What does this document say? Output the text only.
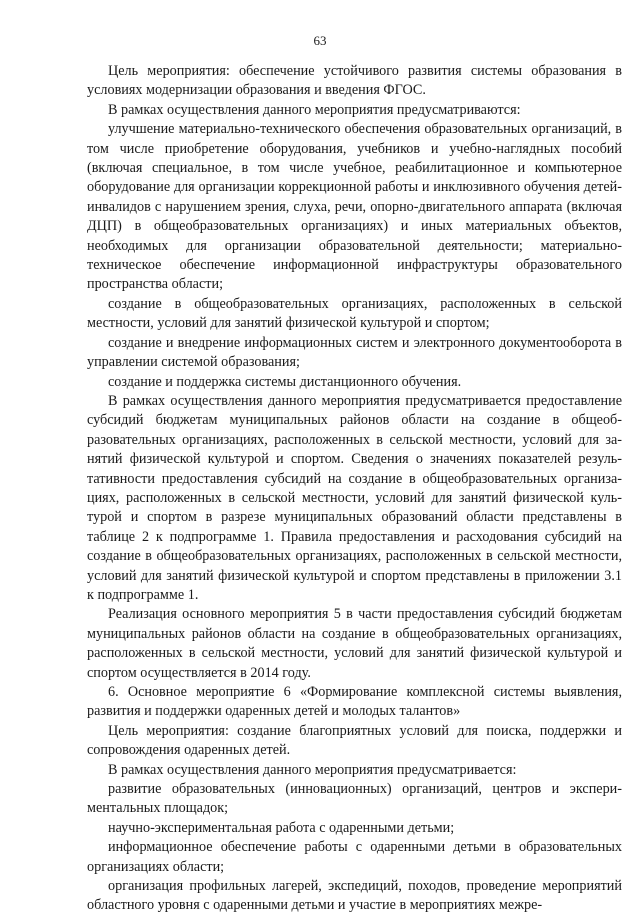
63

Цель мероприятия: обеспечение устойчивого развития системы образования в условиях модернизации образования и введения ФГОС.

В рамках осуществления данного мероприятия предусматриваются:

улучшение материально-технического обеспечения образовательных организаций, в том числе приобретение оборудования, учебников и учебно-наглядных пособий (включая специальное, в том числе учебное, реабилитационное и компьютерное оборудование для организации коррекционной работы и инклюзивного обучения детей-инвалидов с нарушением зрения, слуха, речи, опорно-двигательного аппарата (включая ДЦП) в общеобразовательных организациях) и иных материальных объектов, необходимых для организации образовательной деятельности; материально-техническое обеспечение информационной инфраструктуры образовательного пространства области;

создание в общеобразовательных организациях, расположенных в сельской местности, условий для занятий физической культурой и спортом;

создание и внедрение информационных систем и электронного документооборота в управлении системой образования;

создание и поддержка системы дистанционного обучения.

В рамках осуществления данного мероприятия предусматривается предоставление субсидий бюджетам муниципальных районов области на создание в общеобразовательных организациях, расположенных в сельской местности, условий для занятий физической культурой и спортом. Сведения о значениях показателей результативности предоставления субсидий на создание в общеобразовательных организациях, расположенных в сельской местности, условий для занятий физической культурой и спортом в разрезе муниципальных образований области представлены в таблице 2 к подпрограмме 1. Правила предоставления и расходования субсидий на создание в общеобразовательных организациях, расположенных в сельской местности, условий для занятий физической культурой и спортом представлены в приложении 3.1 к подпрограмме 1.

Реализация основного мероприятия 5 в части предоставления субсидий бюджетам муниципальных районов области на создание в общеобразовательных организациях, расположенных в сельской местности, условий для занятий физической культурой и спортом осуществляется в 2014 году.

6. Основное мероприятие 6 «Формирование комплексной системы выявления, развития и поддержки одаренных детей и молодых талантов»

Цель мероприятия: создание благоприятных условий для поиска, поддержки и сопровождения одаренных детей.

В рамках осуществления данного мероприятия предусматривается:

развитие образовательных (инновационных) организаций, центров и экспериментальных площадок;

научно-экспериментальная работа с одаренными детьми;

информационное обеспечение работы с одаренными детьми в образовательных организациях области;

организация профильных лагерей, экспедиций, походов, проведение мероприятий областного уровня с одаренными детьми и участие в мероприятиях межре-
